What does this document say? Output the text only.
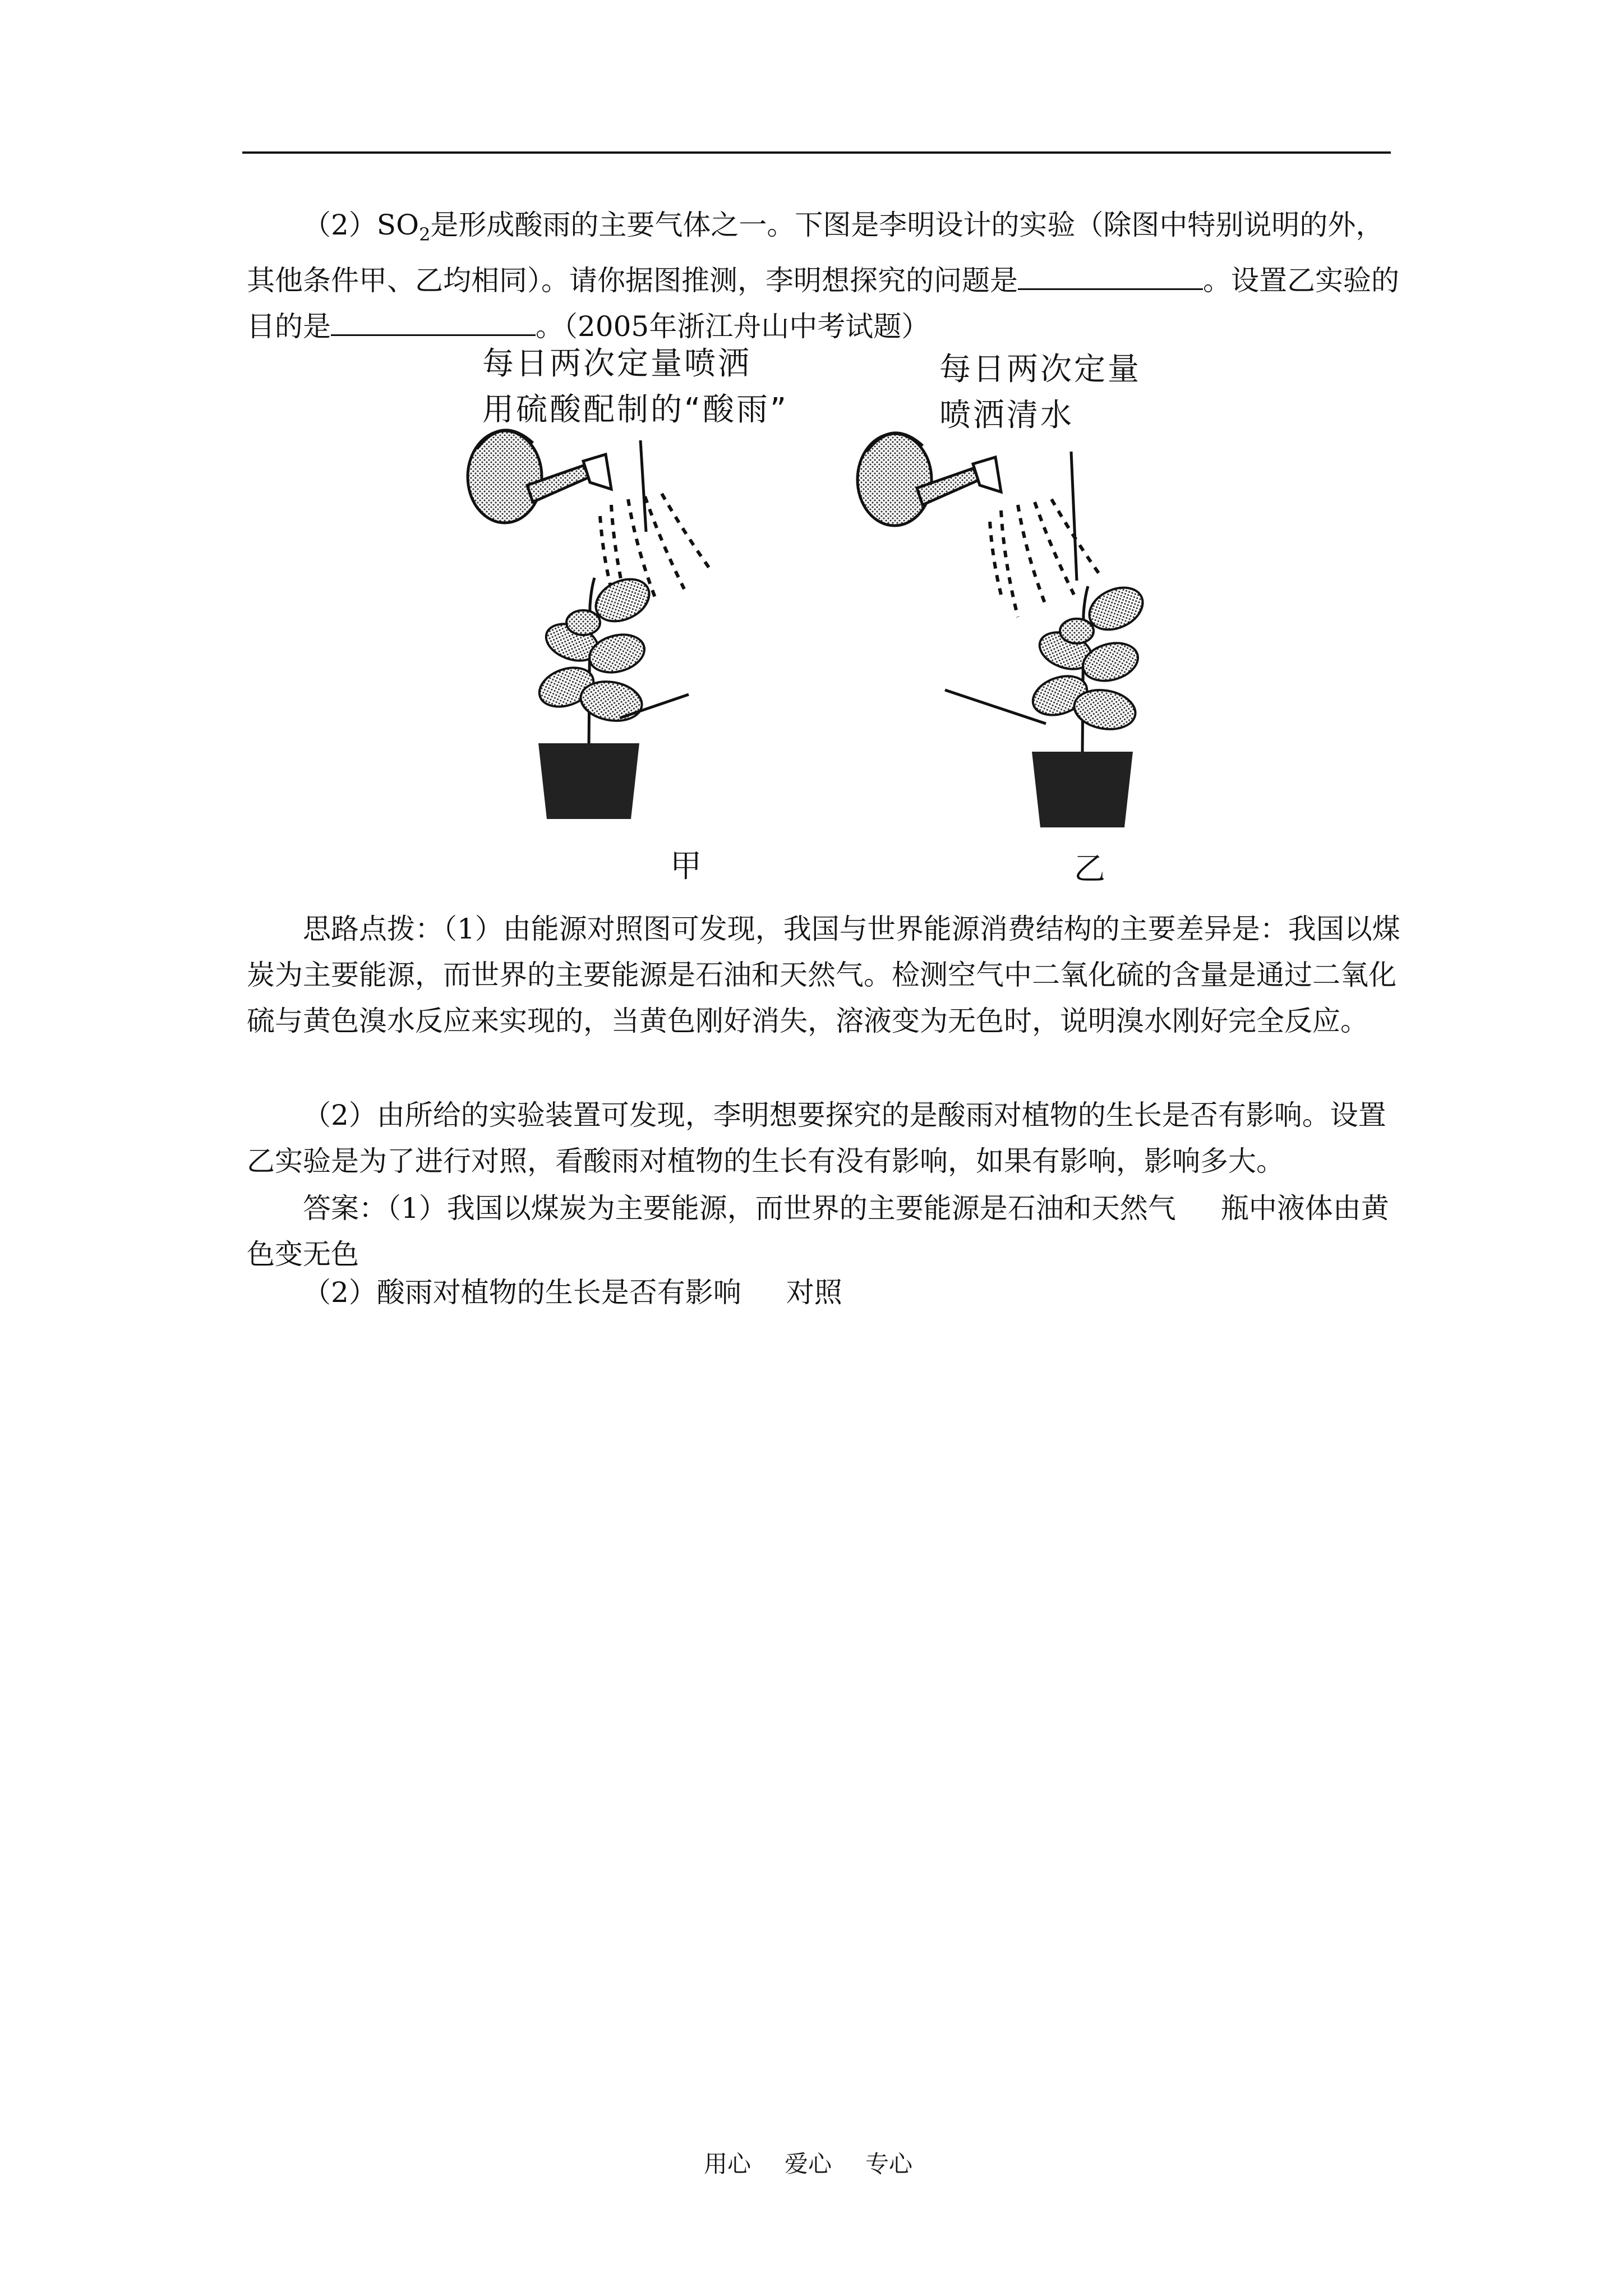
$(2)SO_2$是形成酸雨的主要气体之一。下图是李明设计的实验（除图中特别说明的外，其他条件甲、乙均相同）。请你据图推测，李明想探究的问题是	。设置乙实验的目的是	。（2005年浙江舟山中考试题）

每日两次定量喷洒
用硫酸配制的“酸雨”
每日两次定量
喷洒清水
甲	乙

思路点拨：（1）由能源对照图可发现，我国与世界能源消费结构的主要差异是：我国以煤炭为主要能源，而世界的主要能源是石油和天然气。检测空气中二氧化硫的含量是通过二氧化硫与黄色溴水反应来实现的，当黄色刚好消失，溶液变为无色时，说明溴水刚好完全反应。

（2）由所给的实验装置可发现，李明想要探究的是酸雨对植物的生长是否有影响。设置乙实验是为了进行对照，看酸雨对植物的生长有没有影响，如果有影响，影响多大。

答案：（1）我国以煤炭为主要能源，而世界的主要能源是石油和天然气 瓶中液体由黄色变无色

（2）酸雨对植物的生长是否有影响 对照

用心 爱心 专心
